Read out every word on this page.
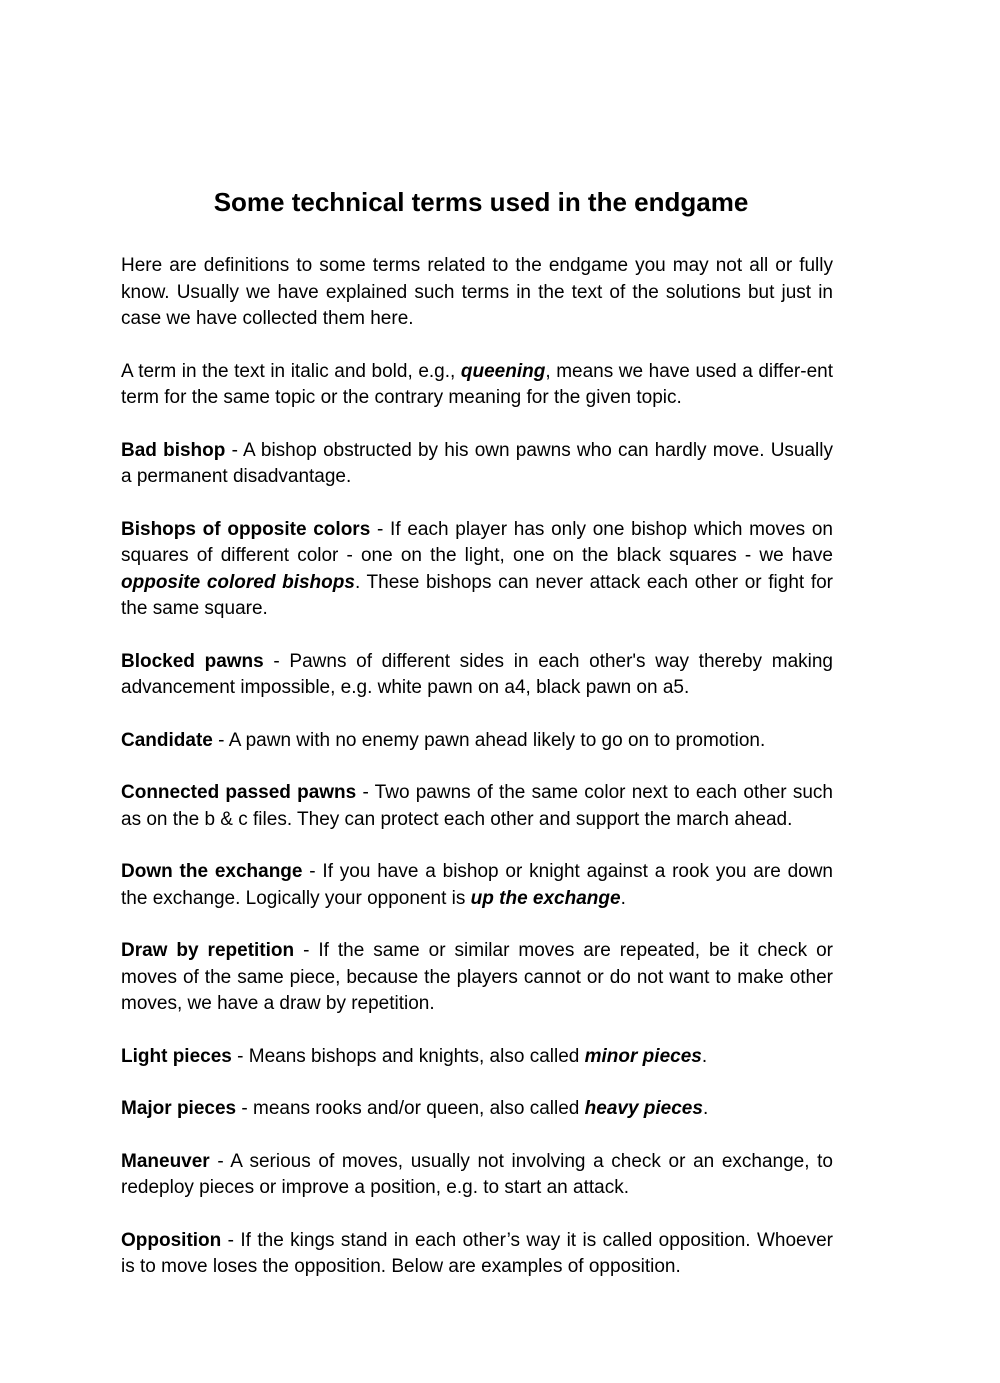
Some technical terms used in the endgame

Here are definitions to some terms related to the endgame you may not all or fully know. Usually we have explained such terms in the text of the solutions but just in case we have collected them here.

A term in the text in italic and bold, e.g., queening, means we have used a differ-ent term for the same topic or the contrary meaning for the given topic.

Bad bishop - A bishop obstructed by his own pawns who can hardly move. Usually a permanent disadvantage.

Bishops of opposite colors - If each player has only one bishop which moves on squares of different color - one on the light, one on the black squares - we have opposite colored bishops. These bishops can never attack each other or fight for the same square.

Blocked pawns - Pawns of different sides in each other's way thereby making advancement impossible, e.g. white pawn on a4, black pawn on a5.

Candidate - A pawn with no enemy pawn ahead likely to go on to promotion.

Connected passed pawns - Two pawns of the same color next to each other such as on the b & c files. They can protect each other and support the march ahead.

Down the exchange - If you have a bishop or knight against a rook you are down the exchange. Logically your opponent is up the exchange.

Draw by repetition - If the same or similar moves are repeated, be it check or moves of the same piece, because the players cannot or do not want to make other moves, we have a draw by repetition.

Light pieces - Means bishops and knights, also called minor pieces.

Major pieces - means rooks and/or queen, also called heavy pieces.

Maneuver - A serious of moves, usually not involving a check or an exchange, to redeploy pieces or improve a position, e.g. to start an attack.

Opposition - If the kings stand in each other’s way it is called opposition. Whoever is to move loses the opposition. Below are examples of opposition.
